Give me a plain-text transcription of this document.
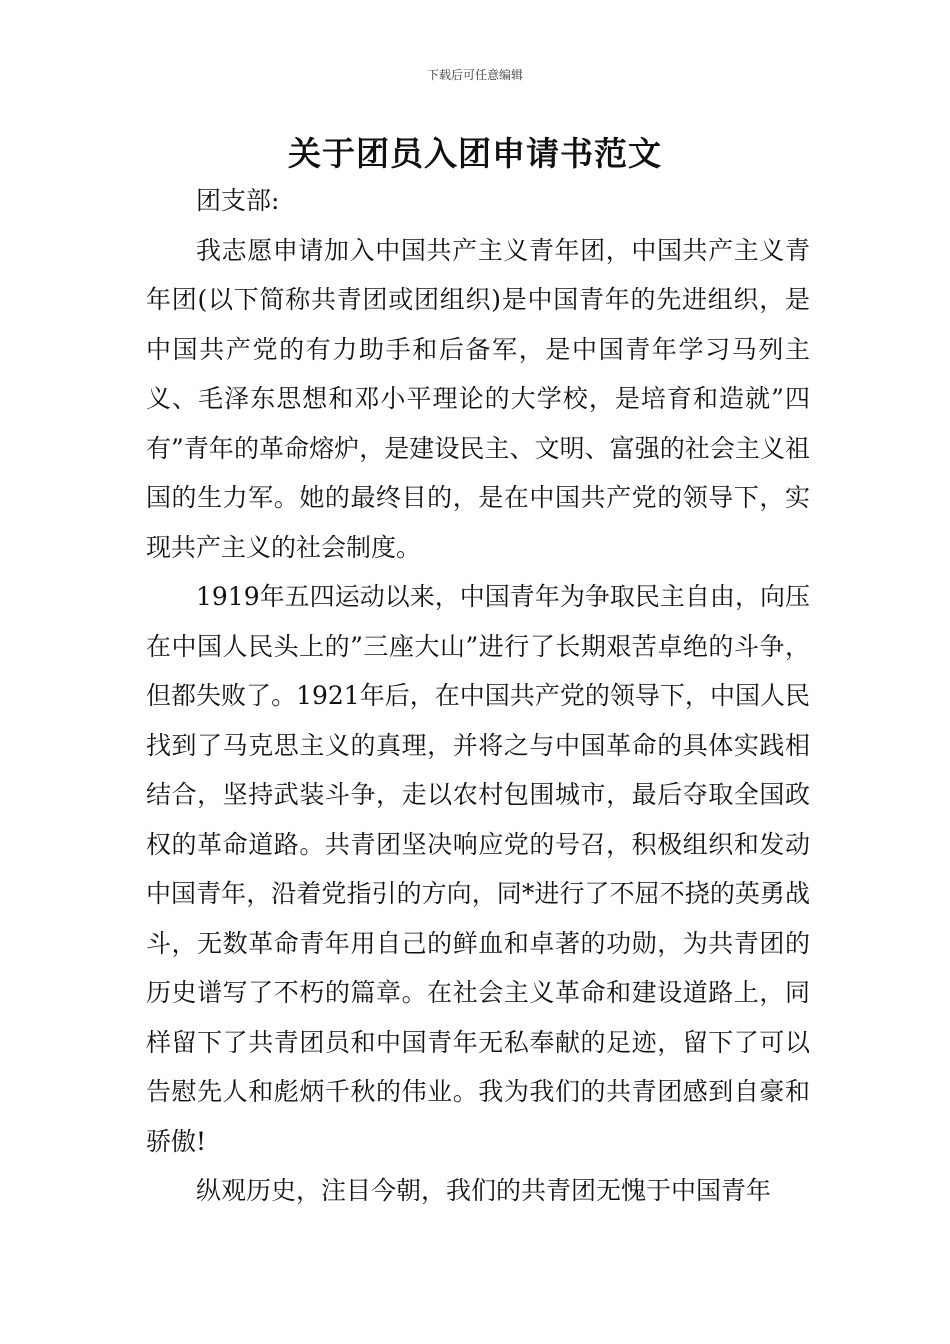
下载后可任意编辑
关于团员入团申请书范文

团支部:

我志愿申请加入中国共产主义青年团，中国共产主义青年团(以下简称共青团或团组织)是中国青年的先进组织，是中国共产党的有力助手和后备军，是中国青年学习马列主义、毛泽东思想和邓小平理论的大学校，是培育和造就”四有”青年的革命熔炉，是建设民主、文明、富强的社会主义祖国的生力军。她的最终目的，是在中国共产党的领导下，实现共产主义的社会制度。

1919年五四运动以来，中国青年为争取民主自由，向压在中国人民头上的”三座大山”进行了长期艰苦卓绝的斗争，但都失败了。1921年后，在中国共产党的领导下，中国人民找到了马克思主义的真理，并将之与中国革命的具体实践相结合，坚持武装斗争，走以农村包围城市，最后夺取全国政权的革命道路。共青团坚决响应党的号召，积极组织和发动中国青年，沿着党指引的方向，同*进行了不屈不挠的英勇战斗，无数革命青年用自己的鲜血和卓著的功勋，为共青团的历史谱写了不朽的篇章。在社会主义革命和建设道路上，同样留下了共青团员和中国青年无私奉献的足迹，留下了可以告慰先人和彪炳千秋的伟业。我为我们的共青团感到自豪和骄傲!

纵观历史，注目今朝，我们的共青团无愧于中国青年
